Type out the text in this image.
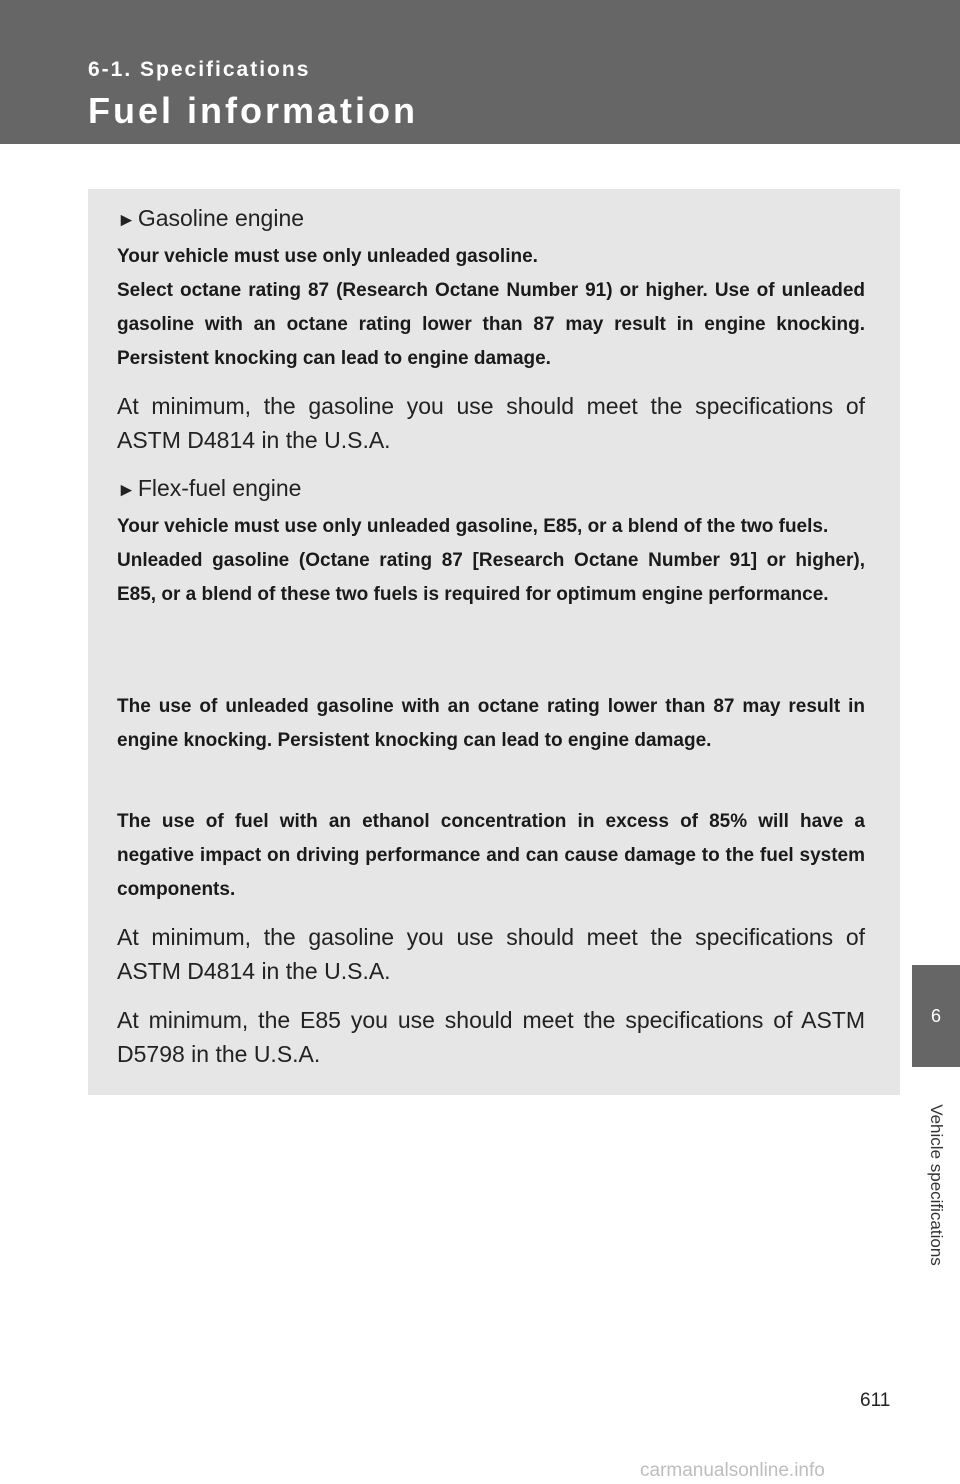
6-1. Specifications
Fuel information
►Gasoline engine

Your vehicle must use only unleaded gasoline.

Select octane rating 87 (Research Octane Number 91) or higher. Use of unleaded gasoline with an octane rating lower than 87 may result in engine knocking. Persistent knocking can lead to engine damage.

At minimum, the gasoline you use should meet the specifications of ASTM D4814 in the U.S.A.

►Flex-fuel engine

Your vehicle must use only unleaded gasoline, E85, or a blend of the two fuels.

Unleaded gasoline (Octane rating 87 [Research Octane Number 91] or higher), E85, or a blend of these two fuels is required for optimum engine performance.

The use of unleaded gasoline with an octane rating lower than 87 may result in engine knocking. Persistent knocking can lead to engine damage.

The use of fuel with an ethanol concentration in excess of 85% will have a negative impact on driving performance and can cause damage to the fuel system components.

At minimum, the gasoline you use should meet the specifications of ASTM D4814 in the U.S.A.

At minimum, the E85 you use should meet the specifications of ASTM D5798 in the U.S.A.

6
Vehicle specifications
611
carmanualsonline.info
